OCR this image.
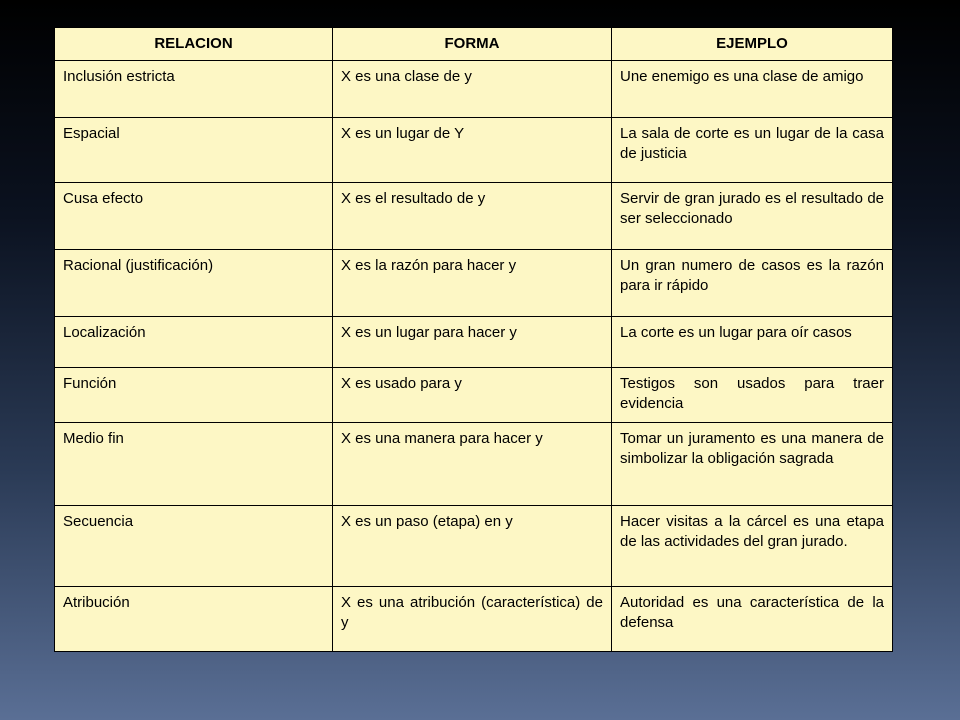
RELACION	FORMA	EJEMPLO
Inclusión estricta	X es una clase de y	Une enemigo es una clase de amigo
Espacial	X es un lugar de Y	La sala de corte es un lugar de la casa de justicia
Cusa efecto	X es el resultado de y	Servir de gran jurado es el resultado de ser seleccionado
Racional (justificación)	X es la razón para hacer y	Un gran numero de casos es la razón para ir rápido
Localización	X es un lugar para hacer y	La corte es un lugar para oír casos
Función	X es usado para y	Testigos son usados para traer evidencia
Medio fin	X es una manera para hacer y	Tomar un juramento es una manera de simbolizar la obligación sagrada
Secuencia	X es un paso (etapa) en y	Hacer visitas a la cárcel es una etapa de las actividades del gran jurado.
Atribución	X es una atribución (característica) de y	Autoridad es una característica de la defensa
